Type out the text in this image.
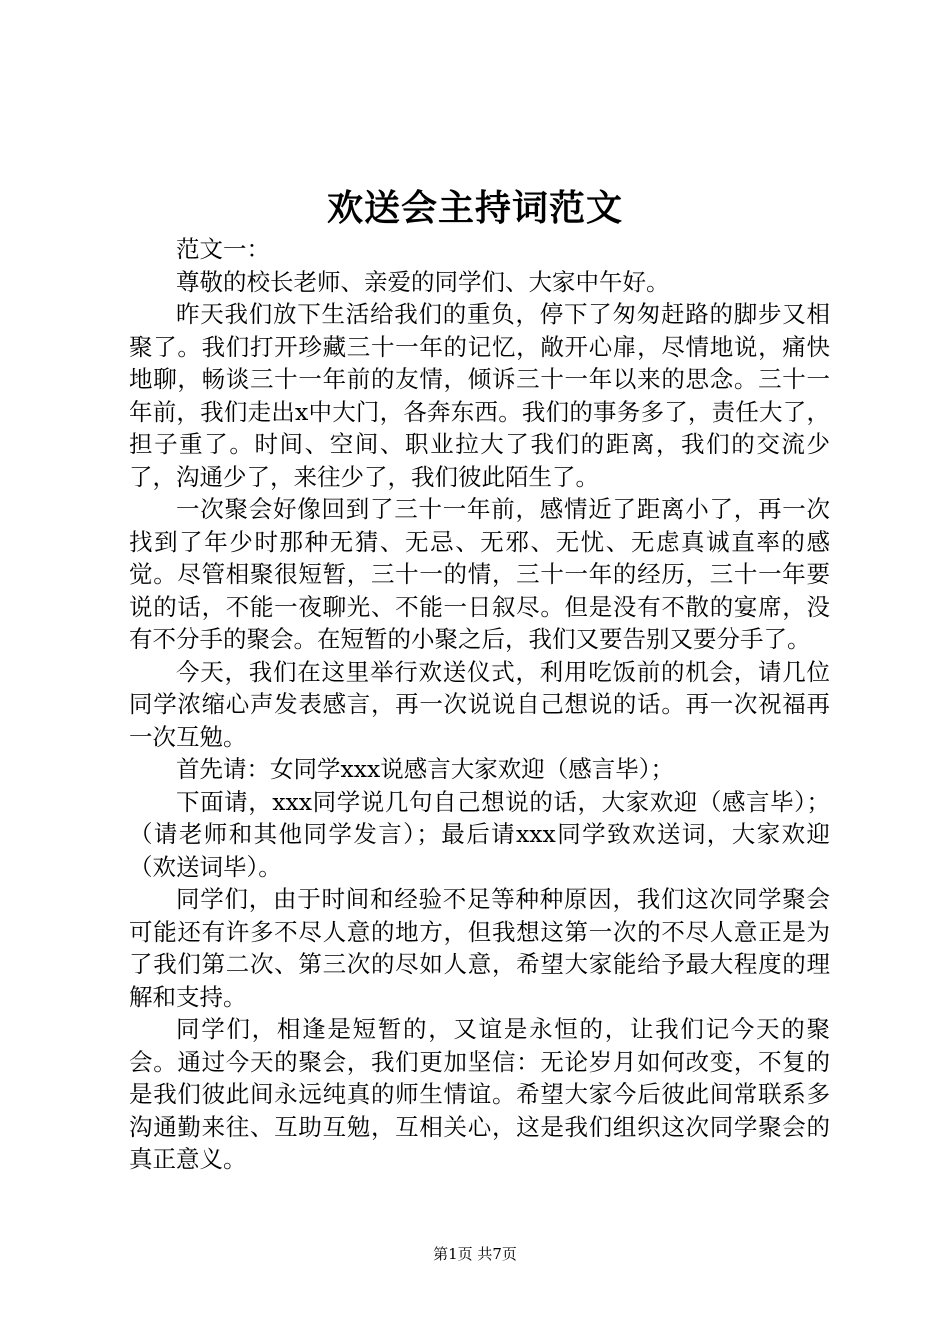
欢送会主持词范文

范文一：

尊敬的校长老师、亲爱的同学们、大家中午好。

昨天我们放下生活给我们的重负，停下了匆匆赶路的脚步又相聚了。我们打开珍藏三十一年的记忆，敞开心扉，尽情地说，痛快地聊，畅谈三十一年前的友情，倾诉三十一年以来的思念。三十一年前，我们走出x中大门，各奔东西。我们的事务多了，责任大了，担子重了。时间、空间、职业拉大了我们的距离，我们的交流少了，沟通少了，来往少了，我们彼此陌生了。

一次聚会好像回到了三十一年前，感情近了距离小了，再一次找到了年少时那种无猜、无忌、无邪、无忧、无虑真诚直率的感觉。尽管相聚很短暂，三十一的情，三十一年的经历，三十一年要说的话，不能一夜聊光、不能一日叙尽。但是没有不散的宴席，没有不分手的聚会。在短暂的小聚之后，我们又要告别又要分手了。

今天，我们在这里举行欢送仪式，利用吃饭前的机会，请几位同学浓缩心声发表感言，再一次说说自己想说的话。再一次祝福再一次互勉。

首先请：女同学xxx说感言大家欢迎（感言毕）；

下面请，xxx同学说几句自己想说的话，大家欢迎（感言毕）；（请老师和其他同学发言）；最后请xxx同学致欢送词，大家欢迎（欢送词毕）。

同学们，由于时间和经验不足等种种原因，我们这次同学聚会可能还有许多不尽人意的地方，但我想这第一次的不尽人意正是为了我们第二次、第三次的尽如人意，希望大家能给予最大程度的理解和支持。

同学们，相逢是短暂的，又谊是永恒的，让我们记今天的聚会。通过今天的聚会，我们更加坚信：无论岁月如何改变，不复的是我们彼此间永远纯真的师生情谊。希望大家今后彼此间常联系多沟通勤来往、互助互勉，互相关心，这是我们组织这次同学聚会的真正意义。

第1页 共7页
